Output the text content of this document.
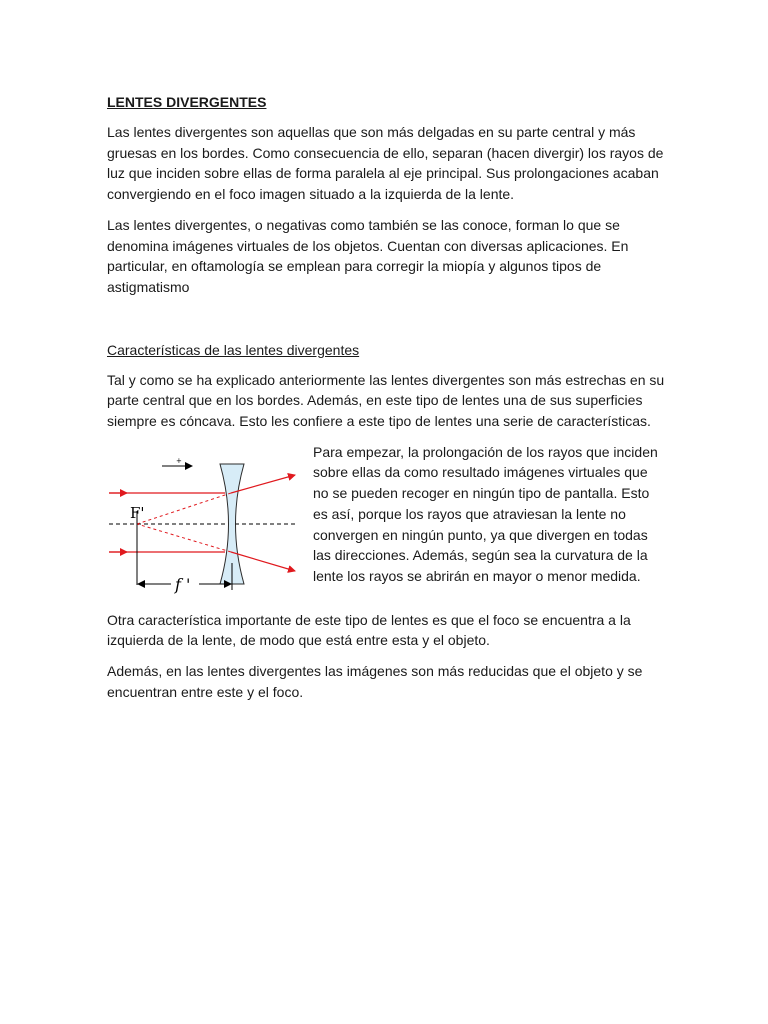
LENTES DIVERGENTES

Las lentes divergentes son aquellas que son más delgadas en su parte central y más gruesas en los bordes. Como consecuencia de ello, separan (hacen divergir) los rayos de luz que inciden sobre ellas de forma paralela al eje principal. Sus prolongaciones acaban convergiendo en el foco imagen situado a la izquierda de la lente.

Las lentes divergentes, o negativas como también se las conoce, forman lo que se denomina imágenes virtuales de los objetos. Cuentan con diversas aplicaciones. En particular, en oftamología se emplean para corregir la miopía y algunos tipos de astigmatismo

Características de las lentes divergentes

Tal y como se ha explicado anteriormente las lentes divergentes son más estrechas en su parte central que en los bordes. Además, en este tipo de lentes una de sus superficies siempre es cóncava. Esto les confiere a este tipo de lentes una serie de características.

+
F'
f '

Para empezar, la prolongación de los rayos que inciden sobre ellas da como resultado imágenes virtuales que no se pueden recoger en ningún tipo de pantalla. Esto es así, porque los rayos que atraviesan la lente no convergen en ningún punto, ya que divergen en todas las direcciones. Además, según sea la curvatura de la lente los rayos se abrirán en mayor o menor medida.

Otra característica importante de este tipo de lentes es que el foco se encuentra a la izquierda de la lente, de modo que está entre esta y el objeto.

Además, en las lentes divergentes las imágenes son más reducidas que el objeto y se encuentran entre este y el foco.
